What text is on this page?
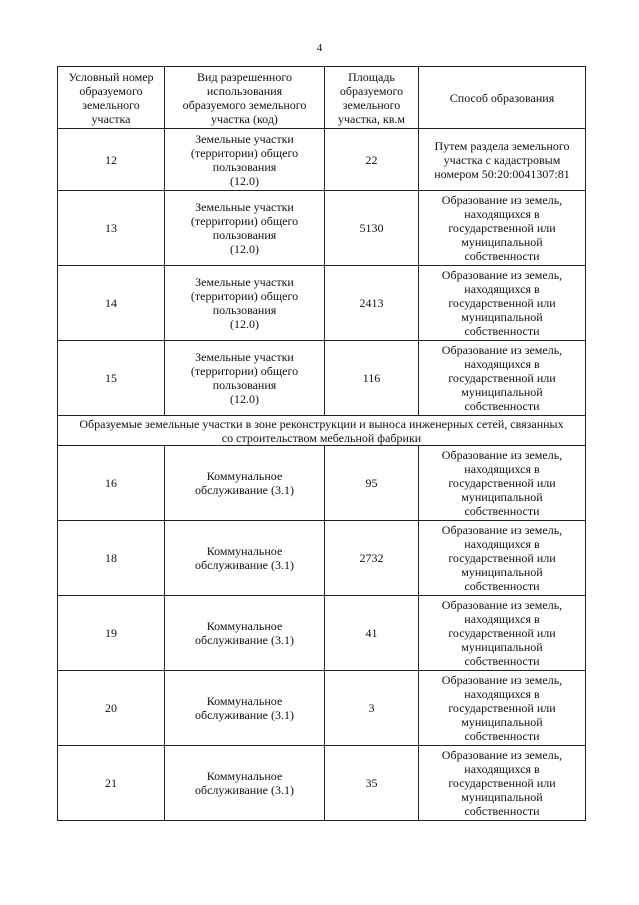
4
Условный номер
образуемого
земельного
участка	Вид разрешенного
использования
образуемого земельного
участка (код)	Площадь
образуемого
земельного
участка, кв.м	Способ образования
12	Земельные участки
(территории) общего
пользования
(12.0)	22	Путем раздела земельного
участка с кадастровым
номером 50:20:0041307:81
13	Земельные участки
(территории) общего
пользования
(12.0)	5130	Образование из земель,
находящихся в
государственной или
муниципальной
собственности
14	Земельные участки
(территории) общего
пользования
(12.0)	2413	Образование из земель,
находящихся в
государственной или
муниципальной
собственности
15	Земельные участки
(территории) общего
пользования
(12.0)	116	Образование из земель,
находящихся в
государственной или
муниципальной
собственности
Образуемые земельные участки в зоне реконструкции и выноса инженерных сетей, связанных
со строительством мебельной фабрики			
16	Коммунальное
обслуживание (3.1)	95	Образование из земель,
находящихся в
государственной или
муниципальной
собственности
18	Коммунальное
обслуживание (3.1)	2732	Образование из земель,
находящихся в
государственной или
муниципальной
собственности
19	Коммунальное
обслуживание (3.1)	41	Образование из земель,
находящихся в
государственной или
муниципальной
собственности
20	Коммунальное
обслуживание (3.1)	3	Образование из земель,
находящихся в
государственной или
муниципальной
собственности
21	Коммунальное
обслуживание (3.1)	35	Образование из земель,
находящихся в
государственной или
муниципальной
собственности
